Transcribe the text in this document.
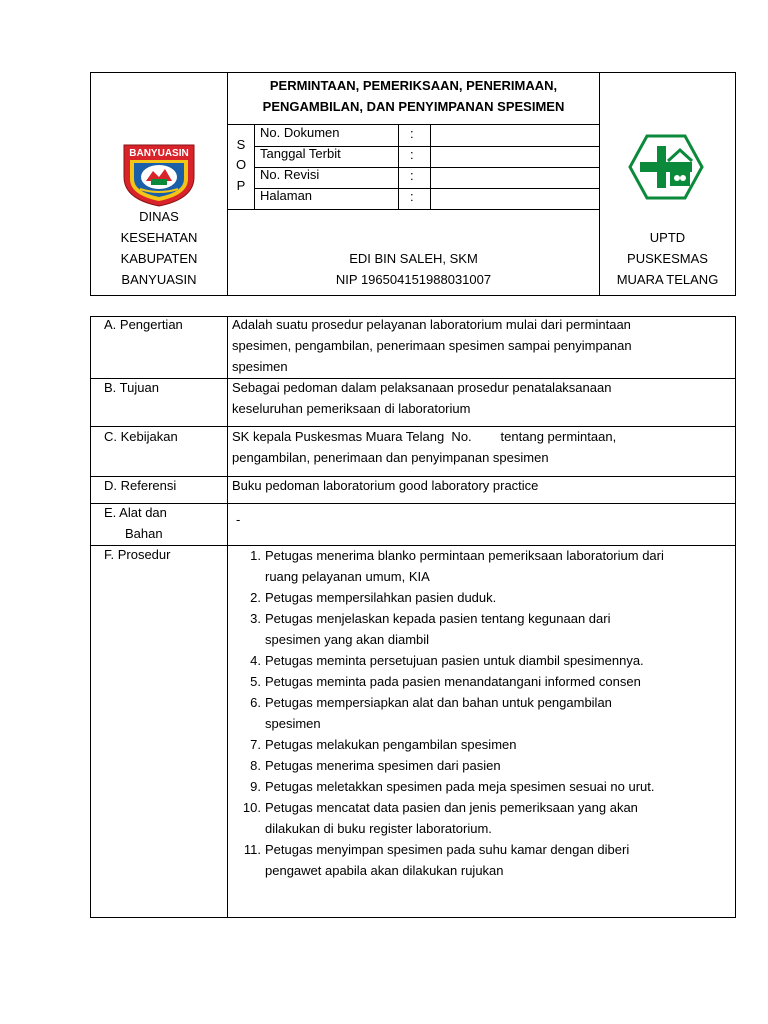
PERMINTAAN, PEMERIKSAAN, PENERIMAAN,
PENGAMBILAN, DAN PENYIMPANAN SPESIMEN
S
O
P
No. Dokumen	:
Tanggal Terbit	:
No. Revisi	:
Halaman	:
EDI BIN SALEH, SKM
NIP 196504151988031007
BANYUASIN
DINAS
KESEHATAN
KABUPATEN
BANYUASIN
UPTD
PUSKESMAS
MUARA TELANG
A. Pengertian	Adalah suatu prosedur pelayanan laboratorium mulai dari permintaan
spesimen, pengambilan, penerimaan spesimen sampai penyimpanan
spesimen
B. Tujuan	Sebagai pedoman dalam pelaksanaan prosedur penatalaksanaan
keseluruhan pemeriksaan di laboratorium
C. Kebijakan	SK kepala Puskesmas Muara Telang  No.        tentang permintaan,
pengambilan, penerimaan dan penyimpanan spesimen
D. Referensi	Buku pedoman laboratorium good laboratory practice
E. Alat dan
Bahan
-
F. Prosedur	1. Petugas menerima blanko permintaan pemeriksaan laboratorium dari
ruang pelayanan umum, KIA
2. Petugas mempersilahkan pasien duduk.
3. Petugas menjelaskan kepada pasien tentang kegunaan dari
spesimen yang akan diambil
4. Petugas meminta persetujuan pasien untuk diambil spesimennya.
5. Petugas meminta pada pasien menandatangani informed consen
6. Petugas mempersiapkan alat dan bahan untuk pengambilan
spesimen
7. Petugas melakukan pengambilan spesimen
8. Petugas menerima spesimen dari pasien
9. Petugas meletakkan spesimen pada meja spesimen sesuai no urut.
10. Petugas mencatat data pasien dan jenis pemeriksaan yang akan
dilakukan di buku register laboratorium.
11. Petugas menyimpan spesimen pada suhu kamar dengan diberi
pengawet apabila akan dilakukan rujukan
